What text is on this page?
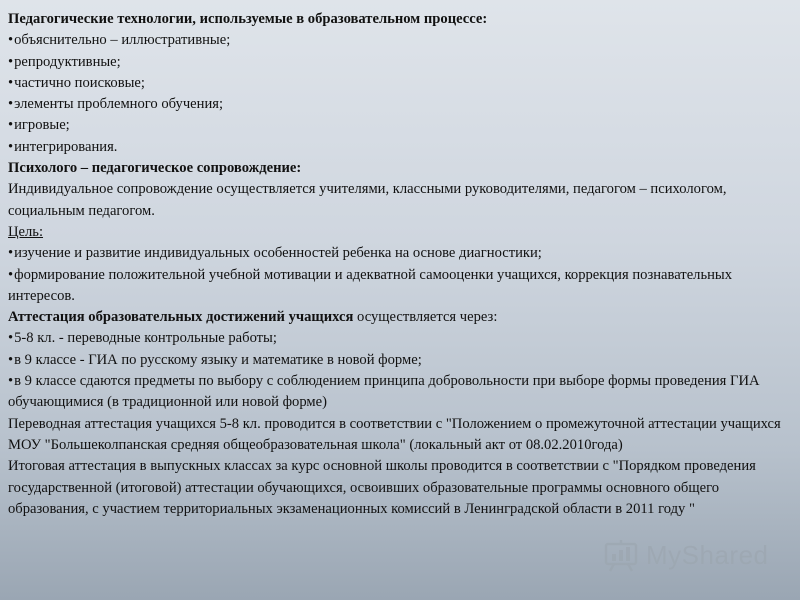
Педагогические технологии, используемые в образовательном процессе:
• объяснительно – иллюстративные;
• репродуктивные;
• частично поисковые;
• элементы проблемного обучения;
• игровые;
• интегрирования.
Психолого – педагогическое сопровождение:
Индивидуальное сопровождение осуществляется учителями, классными руководителями, педагогом – психологом, социальным педагогом.
Цель:
• изучение и развитие индивидуальных особенностей ребенка на основе диагностики;
• формирование положительной учебной мотивации и адекватной самооценки учащихся, коррекция познавательных интересов.
Аттестация образовательных достижений учащихся осуществляется через:
• 5-8 кл. - переводные контрольные работы;
• в 9 классе - ГИА по русскому языку и математике в новой форме;
• в 9 классе сдаются предметы по выбору с соблюдением принципа добровольности при выборе формы проведения ГИА обучающимися (в традиционной или новой форме)
Переводная аттестация учащихся 5-8 кл. проводится в соответствии с "Положением о промежуточной аттестации учащихся МОУ "Большеколпанская средняя общеобразовательная школа" (локальный акт от 08.02.2010года)
Итоговая аттестация в выпускных классах за курс основной школы проводится в соответствии с "Порядком проведения государственной (итоговой) аттестации обучающихся, освоивших образовательные программы основного общего образования, с участием территориальных экзаменационных комиссий в Ленинградской области в 2011 году "
MyShared
